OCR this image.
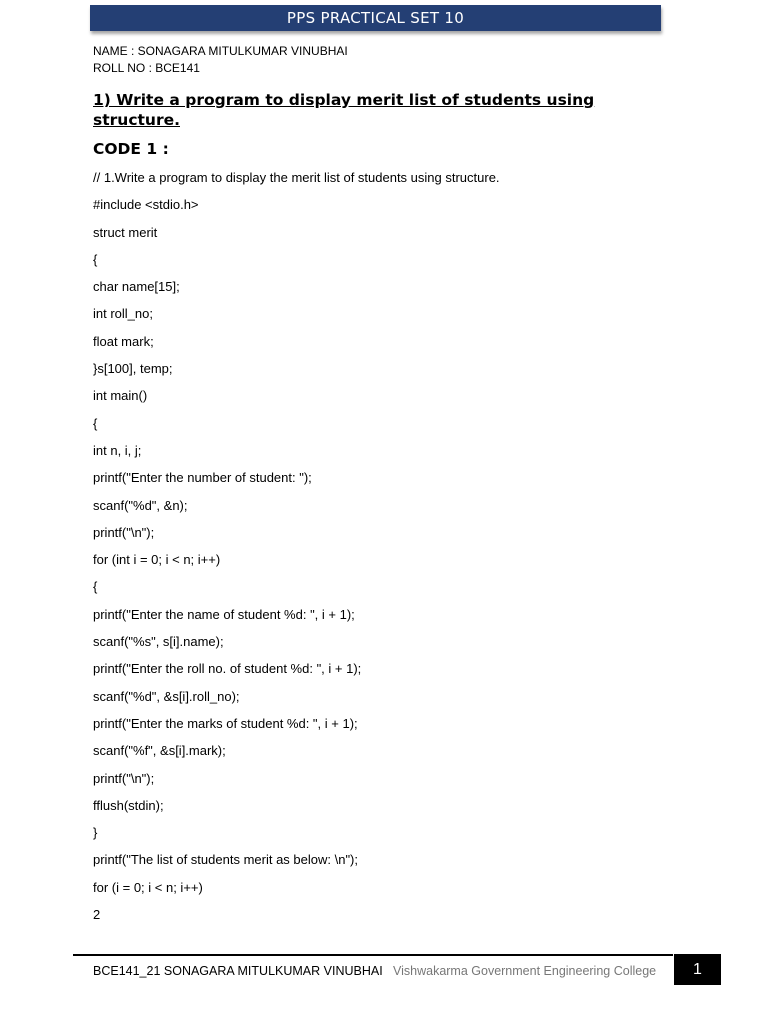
PPS PRACTICAL SET 10
NAME : SONAGARA MITULKUMAR VINUBHAI
ROLL NO : BCE141
1) Write a program to display merit list of students using structure.
CODE 1 :
// 1.Write a program to display the merit list of students using structure.
#include <stdio.h>
struct merit
{
char name[15];
int roll_no;
float mark;
}s[100], temp;
int main()
{
int n, i, j;
printf("Enter the number of student: ");
scanf("%d", &n);
printf("\n");
for (int i = 0; i < n; i++)
{
printf("Enter the name of student %d: ", i + 1);
scanf("%s", s[i].name);
printf("Enter the roll no. of student %d: ", i + 1);
scanf("%d", &s[i].roll_no);
printf("Enter the marks of student %d: ", i + 1);
scanf("%f", &s[i].mark);
printf("\n");
fflush(stdin);
}
printf("The list of students merit as below: \n");
for (i = 0; i < n; i++)
2
BCE141_21 SONAGARA MITULKUMAR VINUBHAI Vishwakarma Government Engineering College 1
